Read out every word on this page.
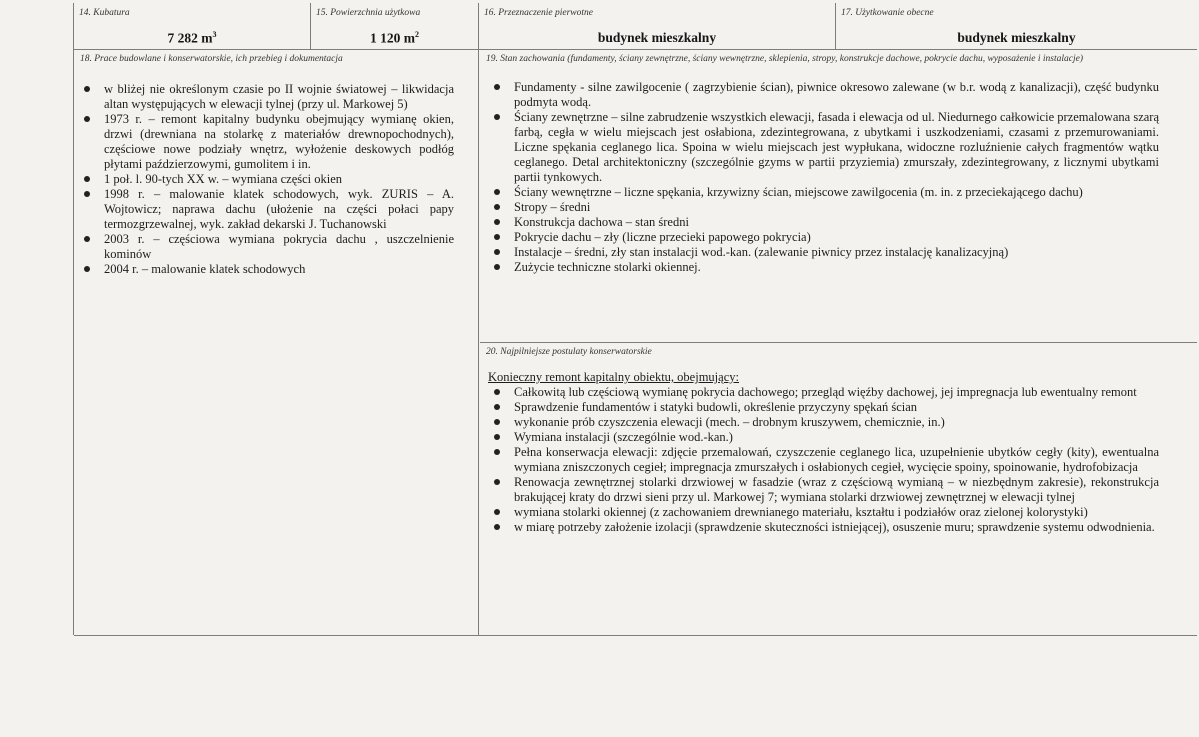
14. Kubatura
7 282 $m^3$
15. Powierzchnia użytkowa
1 120 $m^2$
16. Przeznaczenie pierwotne
budynek mieszkalny
17. Użytkowanie obecne
budynek mieszkalny
18. Prace budowlane i konserwatorskie, ich przebieg i dokumentacja
w bliżej nie określonym czasie po II wojnie światowej – likwidacja altan występujących w elewacji tylnej (przy ul. Markowej 5)
1973 r. – remont kapitalny budynku obejmujący wymianę okien, drzwi (drewniana na stolarkę z materiałów drewnopochodnych), częściowe nowe podziały wnętrz, wyłożenie deskowych podłóg płytami paździerzowymi, gumolitem i in.
1 poł. l. 90-tych XX w. – wymiana części okien
1998 r. – malowanie klatek schodowych, wyk. ZURIS – A. Wojtowicz; naprawa dachu (ułożenie na części połaci papy termozgrzewalnej, wyk. zakład dekarski J. Tuchanowski
2003 r. – częściowa wymiana pokrycia dachu , uszczelnienie kominów
2004 r. – malowanie klatek schodowych
19. Stan zachowania (fundamenty, ściany zewnętrzne, ściany wewnętrzne, sklepienia, stropy, konstrukcje dachowe, pokrycie dachu, wyposażenie i instalacje)
Fundamenty - silne zawilgocenie ( zagrzybienie ścian), piwnice okresowo zalewane (w b.r. wodą z kanalizacji), część budynku podmyta wodą.
Ściany zewnętrzne – silne zabrudzenie wszystkich elewacji, fasada i elewacja od ul. Niedurnego całkowicie przemalowana szarą farbą, cegła w wielu miejscach jest osłabiona, zdezintegrowana, z ubytkami i uszkodzeniami, czasami z przemurowaniami. Liczne spękania ceglanego lica. Spoina w wielu miejscach jest wypłukana, widoczne rozluźnienie całych fragmentów wątku ceglanego. Detal architektoniczny (szczególnie gzyms w partii przyziemia) zmurszały, zdezintegrowany, z licznymi ubytkami partii tynkowych.
Ściany wewnętrzne – liczne spękania, krzywizny ścian, miejscowe zawilgocenia (m. in. z przeciekającego dachu)
Stropy – średni
Konstrukcja dachowa – stan średni
Pokrycie dachu – zły (liczne przecieki papowego pokrycia)
Instalacje – średni, zły stan instalacji wod.-kan. (zalewanie piwnicy przez instalację kanalizacyjną)
Zużycie techniczne stolarki okiennej.
20. Najpilniejsze postulaty konserwatorskie
Konieczny remont kapitalny obiektu, obejmujący:
Całkowitą lub częściową wymianę pokrycia dachowego; przegląd więźby dachowej, jej impregnacja lub ewentualny remont
Sprawdzenie fundamentów i statyki budowli, określenie przyczyny spękań ścian
wykonanie prób czyszczenia elewacji (mech. – drobnym kruszywem, chemicznie, in.)
Wymiana instalacji (szczególnie wod.-kan.)
Pełna konserwacja elewacji: zdjęcie przemalowań, czyszczenie ceglanego lica, uzupełnienie ubytków cegły (kity), ewentualna wymiana zniszczonych cegieł; impregnacja zmurszałych i osłabionych cegieł, wycięcie spoiny, spoinowanie, hydrofobizacja
Renowacja zewnętrznej stolarki drzwiowej w fasadzie (wraz z częściową wymianą – w niezbędnym zakresie), rekonstrukcja brakującej kraty do drzwi sieni przy ul. Markowej 7; wymiana stolarki drzwiowej zewnętrznej w elewacji tylnej
wymiana stolarki okiennej (z zachowaniem drewnianego materiału, kształtu i podziałów oraz zielonej kolorystyki)
w miarę potrzeby założenie izolacji (sprawdzenie skuteczności istniejącej), osuszenie muru; sprawdzenie systemu odwodnienia.
